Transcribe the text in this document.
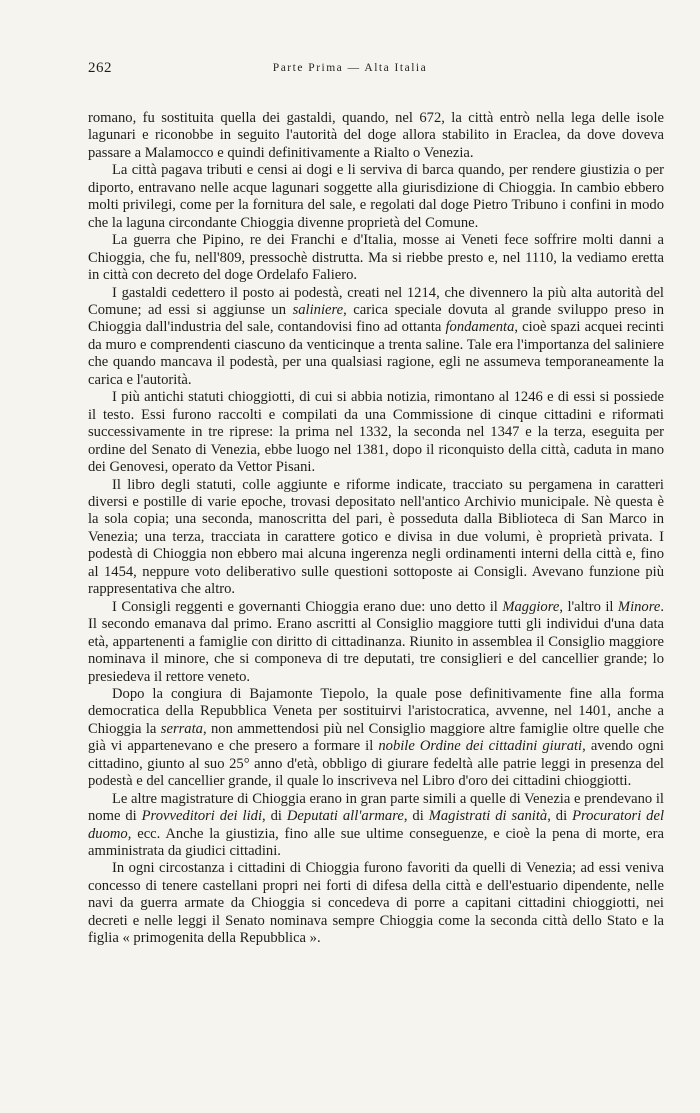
262	Parte Prima — Alta Italia

romano, fu sostituita quella dei gastaldi, quando, nel 672, la città entrò nella lega delle isole lagunari e riconobbe in seguito l'autorità del doge allora stabilito in Eraclea, da dove doveva passare a Malamocco e quindi definitivamente a Rialto o Venezia.

La città pagava tributi e censi ai dogi e li serviva di barca quando, per rendere giustizia o per diporto, entravano nelle acque lagunari soggette alla giurisdizione di Chioggia. In cambio ebbero molti privilegi, come per la fornitura del sale, e regolati dal doge Pietro Tribuno i confini in modo che la laguna circondante Chioggia divenne proprietà del Comune.

La guerra che Pipino, re dei Franchi e d'Italia, mosse ai Veneti fece soffrire molti danni a Chioggia, che fu, nell'809, pressochè distrutta. Ma si riebbe presto e, nel 1110, la vediamo eretta in città con decreto del doge Ordelafo Faliero.

I gastaldi cedettero il posto ai podestà, creati nel 1214, che divennero la più alta autorità del Comune; ad essi si aggiunse un saliniere, carica speciale dovuta al grande sviluppo preso in Chioggia dall'industria del sale, contandovisi fino ad ottanta fondamenta, cioè spazi acquei recinti da muro e comprendenti ciascuno da venticinque a trenta saline. Tale era l'importanza del saliniere che quando mancava il podestà, per una qualsiasi ragione, egli ne assumeva temporaneamente la carica e l'autorità.

I più antichi statuti chioggiotti, di cui si abbia notizia, rimontano al 1246 e di essi si possiede il testo. Essi furono raccolti e compilati da una Commissione di cinque cittadini e riformati successivamente in tre riprese: la prima nel 1332, la seconda nel 1347 e la terza, eseguita per ordine del Senato di Venezia, ebbe luogo nel 1381, dopo il riconquisto della città, caduta in mano dei Genovesi, operato da Vettor Pisani.

Il libro degli statuti, colle aggiunte e riforme indicate, tracciato su pergamena in caratteri diversi e postille di varie epoche, trovasi depositato nell'antico Archivio municipale. Nè questa è la sola copia; una seconda, manoscritta del pari, è posseduta dalla Biblioteca di San Marco in Venezia; una terza, tracciata in carattere gotico e divisa in due volumi, è proprietà privata. I podestà di Chioggia non ebbero mai alcuna ingerenza negli ordinamenti interni della città e, fino al 1454, neppure voto deliberativo sulle questioni sottoposte ai Consigli. Avevano funzione più rappresentativa che altro.

I Consigli reggenti e governanti Chioggia erano due: uno detto il Maggiore, l'altro il Minore. Il secondo emanava dal primo. Erano ascritti al Consiglio maggiore tutti gli individui d'una data età, appartenenti a famiglie con diritto di cittadinanza. Riunito in assemblea il Consiglio maggiore nominava il minore, che si componeva di tre deputati, tre consiglieri e del cancellier grande; lo presiedeva il rettore veneto.

Dopo la congiura di Bajamonte Tiepolo, la quale pose definitivamente fine alla forma democratica della Repubblica Veneta per sostituirvi l'aristocratica, avvenne, nel 1401, anche a Chioggia la serrata, non ammettendosi più nel Consiglio maggiore altre famiglie oltre quelle che già vi appartenevano e che presero a formare il nobile Ordine dei cittadini giurati, avendo ogni cittadino, giunto al suo 25° anno d'età, obbligo di giurare fedeltà alle patrie leggi in presenza del podestà e del cancellier grande, il quale lo inscriveva nel Libro d'oro dei cittadini chioggiotti.

Le altre magistrature di Chioggia erano in gran parte simili a quelle di Venezia e prendevano il nome di Provveditori dei lidi, di Deputati all'armare, di Magistrati di sanità, di Procuratori del duomo, ecc. Anche la giustizia, fino alle sue ultime conseguenze, e cioè la pena di morte, era amministrata da giudici cittadini.

In ogni circostanza i cittadini di Chioggia furono favoriti da quelli di Venezia; ad essi veniva concesso di tenere castellani propri nei forti di difesa della città e dell'estuario dipendente, nelle navi da guerra armate da Chioggia si concedeva di porre a capitani cittadini chioggiotti, nei decreti e nelle leggi il Senato nominava sempre Chioggia come la seconda città dello Stato e la figlia « primogenita della Repubblica ».
